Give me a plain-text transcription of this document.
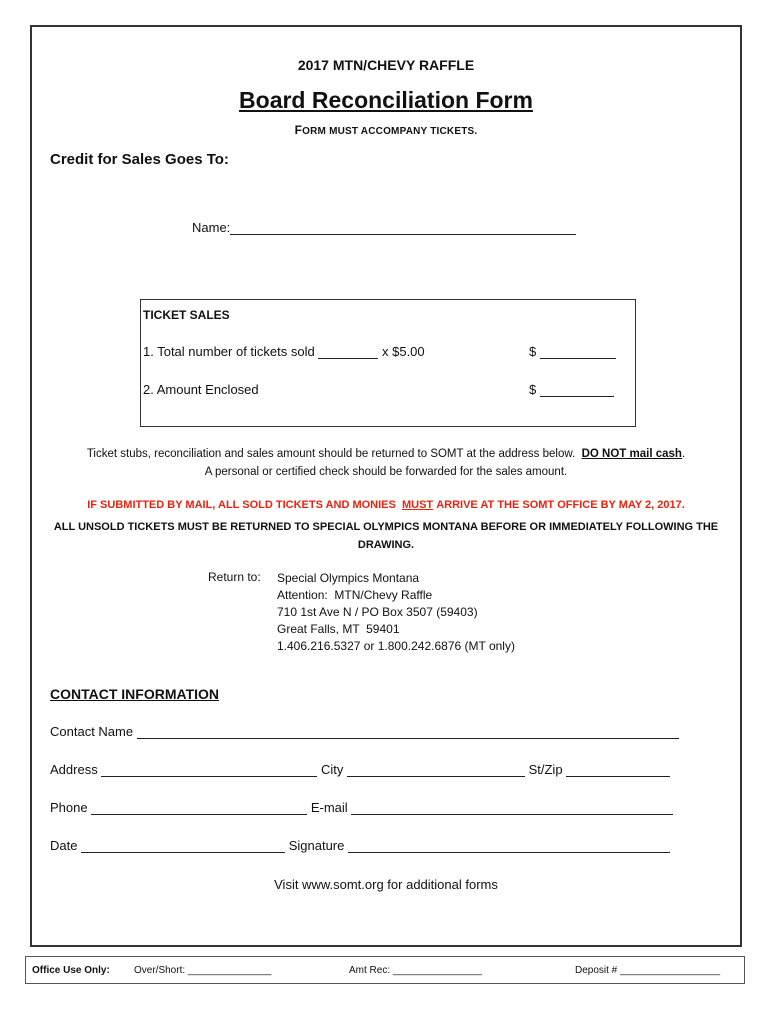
2017 MTN/CHEVY RAFFLE
Board Reconciliation Form
FORM MUST ACCOMPANY TICKETS.
Credit for Sales Goes To:
Name:
TICKET SALES
1. Total number of tickets sold	x $5.00	$
2. Amount Enclosed	$
Ticket stubs, reconciliation and sales amount should be returned to SOMT at the address below. DO NOT mail cash.
A personal or certified check should be forwarded for the sales amount.
IF SUBMITTED BY MAIL, ALL SOLD TICKETS AND MONIES MUST ARRIVE AT THE SOMT OFFICE BY MAY 2, 2017.
ALL UNSOLD TICKETS MUST BE RETURNED TO SPECIAL OLYMPICS MONTANA BEFORE OR IMMEDIATELY FOLLOWING THE DRAWING.
Return to: Special Olympics Montana
Attention:  MTN/Chevy Raffle
710 1st Ave N / PO Box 3507 (59403)
Great Falls, MT  59401
1.406.216.5327 or 1.800.242.6876 (MT only)
CONTACT INFORMATION
Contact Name
Address	City	St/Zip
Phone	E-mail
Date	Signature
Visit www.somt.org for additional forms
Office Use Only: Over/Short: _______________	Amt Rec: ________________	Deposit # __________________
